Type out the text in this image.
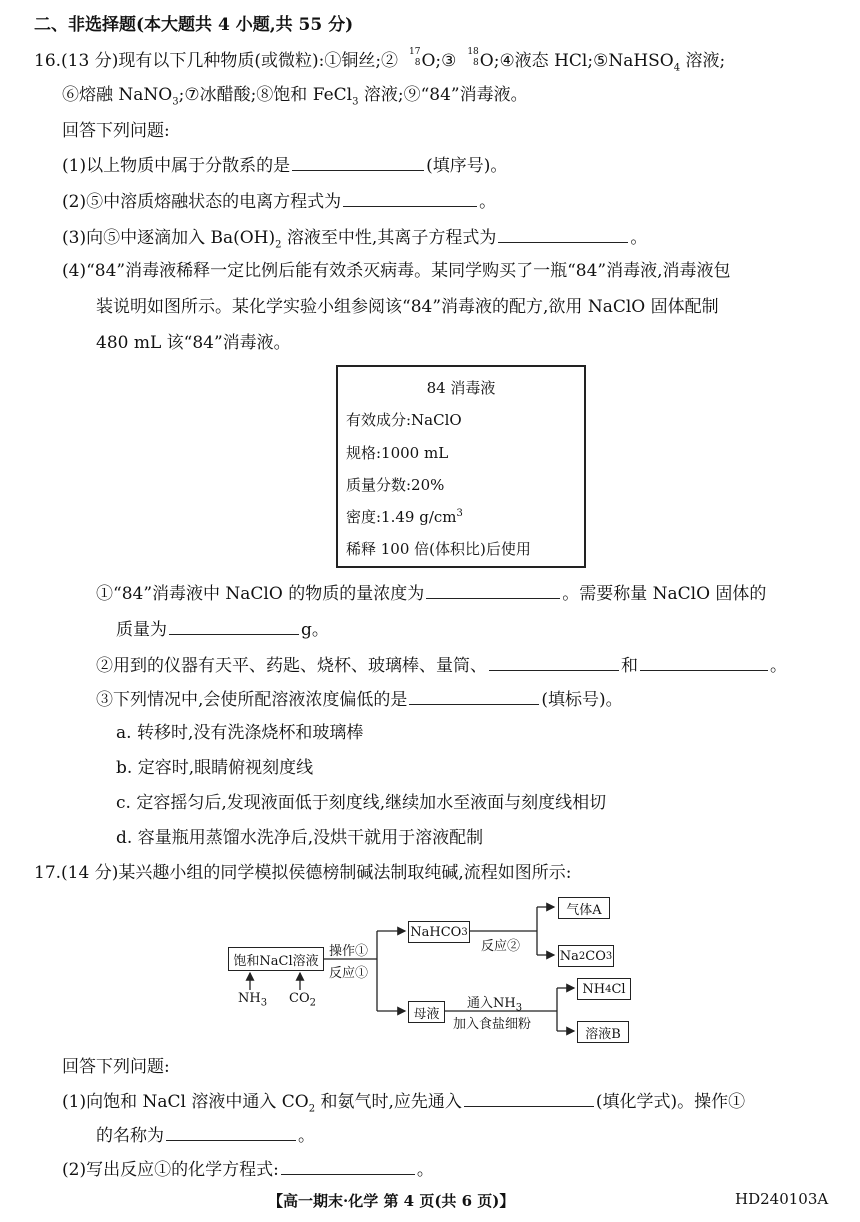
二、非选择题(本大题共 4 小题,共 55 分)
16.(13 分)现有以下几种物质(或微粒):①铜丝;② 17
8 O;③ 18
8 O;④液态 HCl;⑤NaHSO$_4$ 溶液;
⑥熔融 NaNO$_3$;⑦冰醋酸;⑧饱和 FeCl$_3$ 溶液;⑨“84”消毒液。
回答下列问题:
(1)以上物质中属于分散系的是	(填序号)。
(2)⑤中溶质熔融状态的电离方程式为	。
(3)向⑤中逐滴加入 $Ba(OH)_2$ 溶液至中性,其离子方程式为	。
(4)“84”消毒液稀释一定比例后能有效杀灭病毒。某同学购买了一瓶“84”消毒液,消毒液包
装说明如图所示。某化学实验小组参阅该“84”消毒液的配方,欲用 NaClO 固体配制
480 mL 该“84”消毒液。
84 消毒液
有效成分:NaClO
规格:1000 mL
质量分数:20%
密度:1.49 $g/cm^3$
稀释 100 倍(体积比)后使用
①“84”消毒液中 NaClO 的物质的量浓度为	。需要称量 NaClO 固体的
质量为	g。
②用到的仪器有天平、药匙、烧杯、玻璃棒、量筒、	和	。
③下列情况中,会使所配溶液浓度偏低的是	(填标号)。
a. 转移时,没有洗涤烧杯和玻璃棒
b. 定容时,眼睛俯视刻度线
c. 定容摇匀后,发现液面低于刻度线,继续加水至液面与刻度线相切
d. 容量瓶用蒸馏水洗净后,没烘干就用于溶液配制
17.(14 分)某兴趣小组的同学模拟侯德榜制碱法制取纯碱,流程如图所示:
饱和NaCl溶液
$NH_3$ $CO_2$
操作①
反应①
NaHCO 3
反应②
气体A
Na 2 CO 3
母液
通入$NH_3$
加入食盐细粉
NH 4 Cl
溶液B
回答下列问题:
(1)向饱和 NaCl 溶液中通入 $CO_2$ 和氨气时,应先通入	(填化学式)。操作①
的名称为	。
(2)写出反应①的化学方程式:	。
【高一期末·化学 第 4 页(共 6 页)】	HD240103A
